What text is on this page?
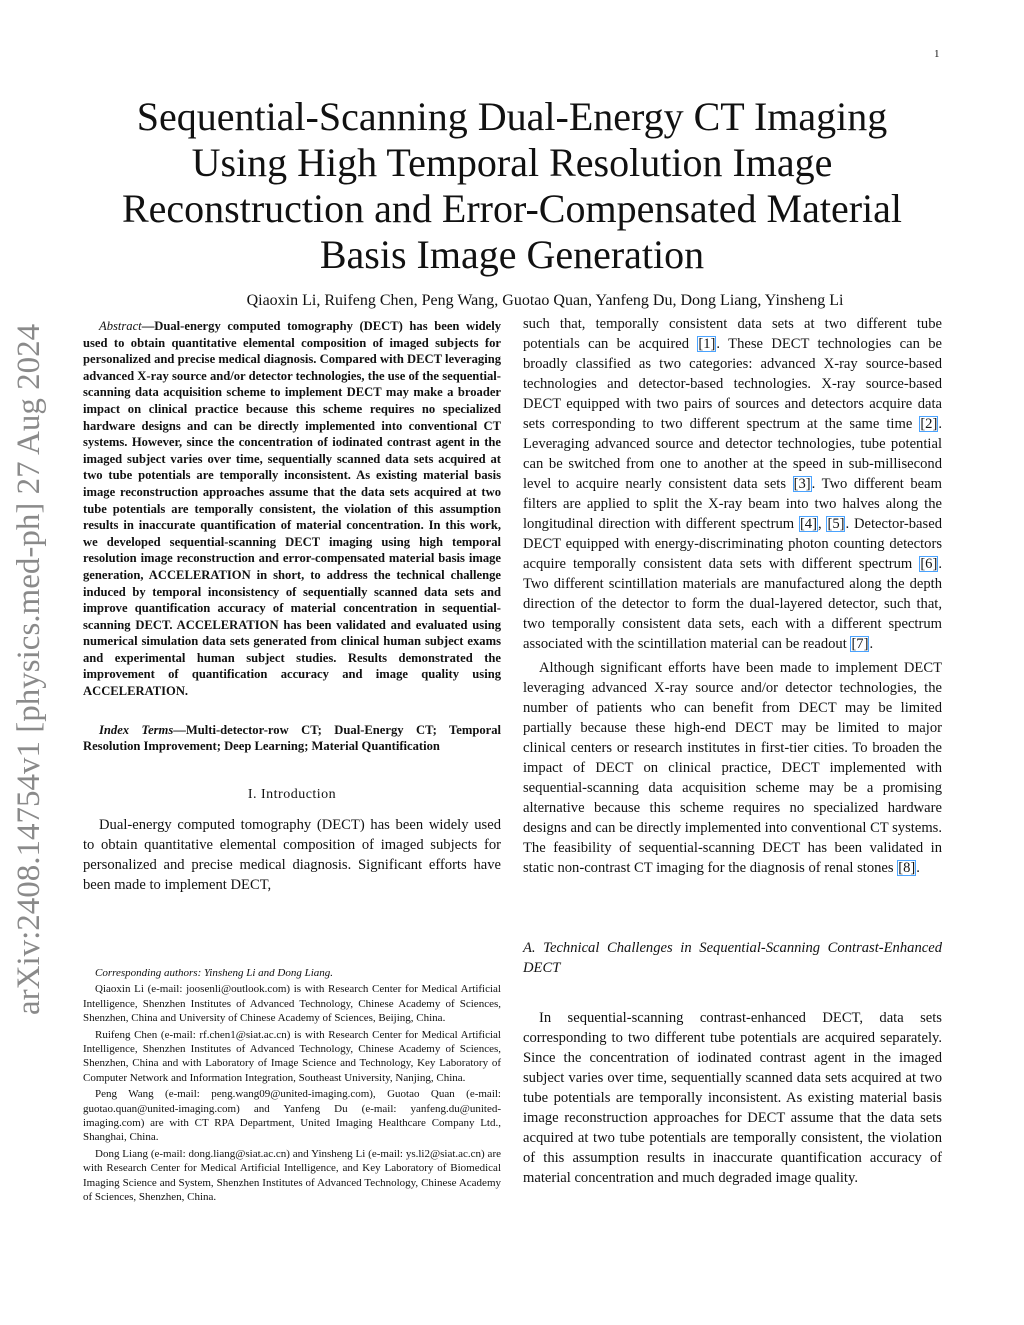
1
arXiv:2408.14754v1 [physics.med-ph] 27 Aug 2024
Sequential-Scanning Dual-Energy CT Imaging Using High Temporal Resolution Image Reconstruction and Error-Compensated Material Basis Image Generation
Qiaoxin Li, Ruifeng Chen, Peng Wang, Guotao Quan, Yanfeng Du, Dong Liang, Yinsheng Li

Abstract—Dual-energy computed tomography (DECT) has been widely used to obtain quantitative elemental composition of imaged subjects for personalized and precise medical diagnosis. Compared with DECT leveraging advanced X-ray source and/or detector technologies, the use of the sequential-scanning data acquisition scheme to implement DECT may make a broader impact on clinical practice because this scheme requires no specialized hardware designs and can be directly implemented into conventional CT systems. However, since the concentration of iodinated contrast agent in the imaged subject varies over time, sequentially scanned data sets acquired at two tube potentials are temporally inconsistent. As existing material basis image reconstruction approaches assume that the data sets acquired at two tube potentials are temporally consistent, the violation of this assumption results in inaccurate quantification of material concentration. In this work, we developed sequential-scanning DECT imaging using high temporal resolution image reconstruction and error-compensated material basis image generation, ACCELERATION in short, to address the technical challenge induced by temporal inconsistency of sequentially scanned data sets and improve quantification accuracy of material concentration in sequential-scanning DECT. ACCELERATION has been validated and evaluated using numerical simulation data sets generated from clinical human subject exams and experimental human subject studies. Results demonstrated the improvement of quantification accuracy and image quality using ACCELERATION.

Index Terms—Multi-detector-row CT; Dual-Energy CT; Temporal Resolution Improvement; Deep Learning; Material Quantification

I. Introduction

Dual-energy computed tomography (DECT) has been widely used to obtain quantitative elemental composition of imaged subjects for personalized and precise medical diagnosis. Significant efforts have been made to implement DECT,

Corresponding authors: Yinsheng Li and Dong Liang.

Qiaoxin Li (e-mail: joosenli@outlook.com) is with Research Center for Medical Artificial Intelligence, Shenzhen Institutes of Advanced Technology, Chinese Academy of Sciences, Shenzhen, China and University of Chinese Academy of Sciences, Beijing, China.

Ruifeng Chen (e-mail: rf.chen1@siat.ac.cn) is with Research Center for Medical Artificial Intelligence, Shenzhen Institutes of Advanced Technology, Chinese Academy of Sciences, Shenzhen, China and with Laboratory of Image Science and Technology, Key Laboratory of Computer Network and Information Integration, Southeast University, Nanjing, China.

Peng Wang (e-mail: peng.wang09@united-imaging.com), Guotao Quan (e-mail: guotao.quan@united-imaging.com) and Yanfeng Du (e-mail: yanfeng.du@united-imaging.com) are with CT RPA Department, United Imaging Healthcare Company Ltd., Shanghai, China.

Dong Liang (e-mail: dong.liang@siat.ac.cn) and Yinsheng Li (e-mail: ys.li2@siat.ac.cn) are with Research Center for Medical Artificial Intelligence, and Key Laboratory of Biomedical Imaging Science and System, Shenzhen Institutes of Advanced Technology, Chinese Academy of Sciences, Shenzhen, China.

such that, temporally consistent data sets at two different tube potentials can be acquired [1]. These DECT technologies can be broadly classified as two categories: advanced X-ray source-based technologies and detector-based technologies. X-ray source-based DECT equipped with two pairs of sources and detectors acquire data sets corresponding to two different spectrum at the same time [2]. Leveraging advanced source and detector technologies, tube potential can be switched from one to another at the speed in sub-millisecond level to acquire nearly consistent data sets [3]. Two different beam filters are applied to split the X-ray beam into two halves along the longitudinal direction with different spectrum [4], [5]. Detector-based DECT equipped with energy-discriminating photon counting detectors acquire temporally consistent data sets with different spectrum [6]. Two different scintillation materials are manufactured along the depth direction of the detector to form the dual-layered detector, such that, two temporally consistent data sets, each with a different spectrum associated with the scintillation material can be readout [7].

Although significant efforts have been made to implement DECT leveraging advanced X-ray source and/or detector technologies, the number of patients who can benefit from DECT may be limited partially because these high-end DECT may be limited to major clinical centers or research institutes in first-tier cities. To broaden the impact of DECT on clinical practice, DECT implemented with sequential-scanning data acquisition scheme may be a promising alternative because this scheme requires no specialized hardware designs and can be directly implemented into conventional CT systems. The feasibility of sequential-scanning DECT has been validated in static non-contrast CT imaging for the diagnosis of renal stones [8].

A. Technical Challenges in Sequential-Scanning Contrast-Enhanced DECT

In sequential-scanning contrast-enhanced DECT, data sets corresponding to two different tube potentials are acquired separately. Since the concentration of iodinated contrast agent in the imaged subject varies over time, sequentially scanned data sets acquired at two tube potentials are temporally inconsistent. As existing material basis image reconstruction approaches for DECT assume that the data sets acquired at two tube potentials are temporally consistent, the violation of this assumption results in inaccurate quantification accuracy of material concentration and much degraded image quality.
